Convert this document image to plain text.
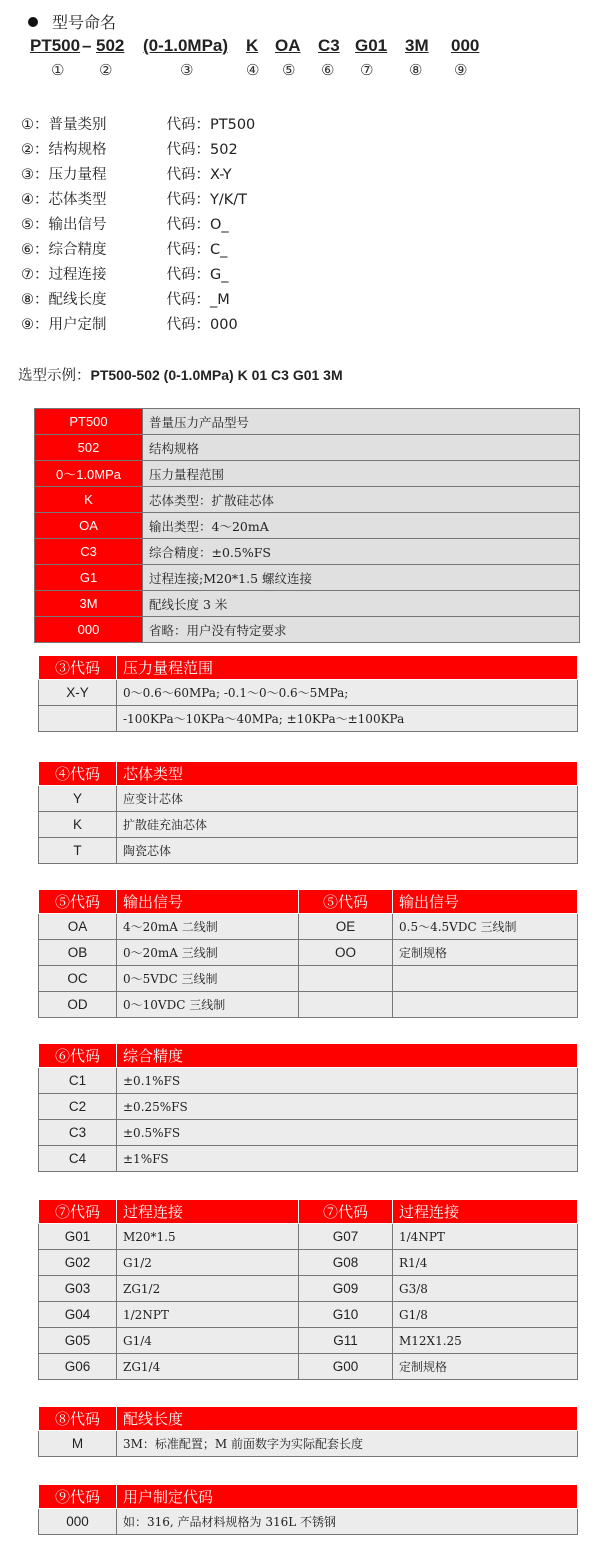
型号命名
PT500 – 502 (0-1.0MPa) K OA C3 G01 3M 000
① ②	③	④ ⑤ ⑥ ⑦ ⑧ ⑨
①： 普量类别	代码：PT500
②： 结构规格	代码：502
③： 压力量程	代码：X-Y
④： 芯体类型	代码：Y/K/T
⑤： 输出信号	代码：O_
⑥： 综合精度	代码：C_
⑦： 过程连接	代码：G_
⑧： 配线长度	代码：_M
⑨： 用户定制	代码：000
选型示例：PT500-502 (0-1.0MPa) K 01 C3 G01 3M
PT500	普量压力产品型号
502	结构规格
0～1.0MPa	压力量程范围
K	芯体类型：扩散硅芯体
OA	输出类型：4～20mA
C3	综合精度：±0.5%FS
G1	过程连接;M20*1.5 螺纹连接
3M	配线长度 3 米
000	省略：用户没有特定要求
③代码	压力量程范围
X-Y	0～0.6～60MPa; -0.1～0～0.6～5MPa;
	-100KPa～10KPa～40MPa; ±10KPa～±100KPa
④代码	芯体类型
Y	应变计芯体
K	扩散硅充油芯体
T	陶瓷芯体
⑤代码	输出信号	⑤代码	输出信号
OA	4～20mA 二线制	OE	0.5～4.5VDC 三线制
OB	0～20mA 三线制	OO	定制规格
OC	0～5VDC 三线制		
OD	0～10VDC 三线制		
⑥代码	综合精度
C1	±0.1%FS
C2	±0.25%FS
C3	±0.5%FS
C4	±1%FS
⑦代码	过程连接	⑦代码	过程连接
G01	M20*1.5	G07	1/4NPT
G02	G1/2	G08	R1/4
G03	ZG1/2	G09	G3/8
G04	1/2NPT	G10	G1/8
G05	G1/4	G11	M12X1.25
G06	ZG1/4	G00	定制规格
⑧代码	配线长度
M	3M：标准配置；M 前面数字为实际配套长度
⑨代码	用户制定代码
000	如：316, 产品材料规格为 316L 不锈钢
